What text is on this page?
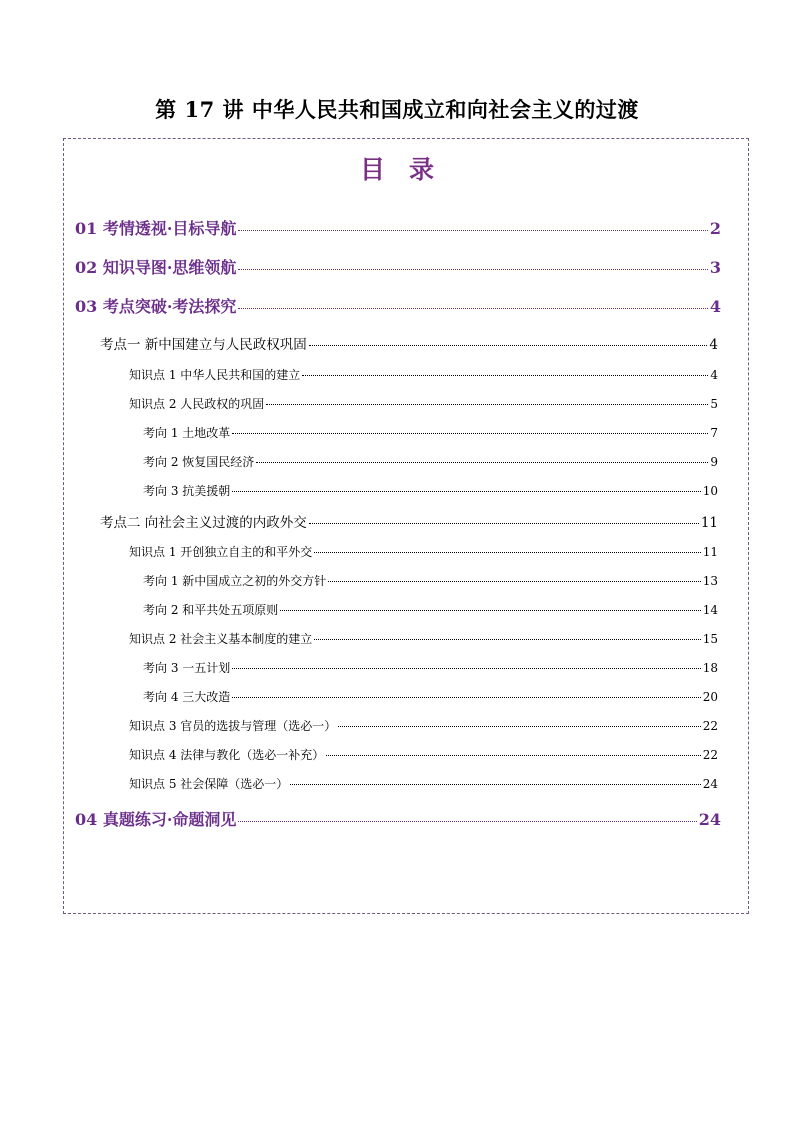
第 17 讲 中华人民共和国成立和向社会主义的过渡
目录
01 考情透视·目标导航	2
02 知识导图·思维领航	3
03 考点突破·考法探究	4
考点一 新中国建立与人民政权巩固	4
知识点 1 中华人民共和国的建立	4
知识点 2 人民政权的巩固	5
考向 1 土地改革	7
考向 2 恢复国民经济	9
考向 3 抗美援朝	10
考点二 向社会主义过渡的内政外交	11
知识点 1 开创独立自主的和平外交	11
考向 1 新中国成立之初的外交方针	13
考向 2 和平共处五项原则	14
知识点 2 社会主义基本制度的建立	15
考向 3 一五计划	18
考向 4 三大改造	20
知识点 3 官员的选拔与管理（选必一）	22
知识点 4 法律与教化（选必一补充）	22
知识点 5 社会保障（选必一）	24
04 真题练习·命题洞见	24
